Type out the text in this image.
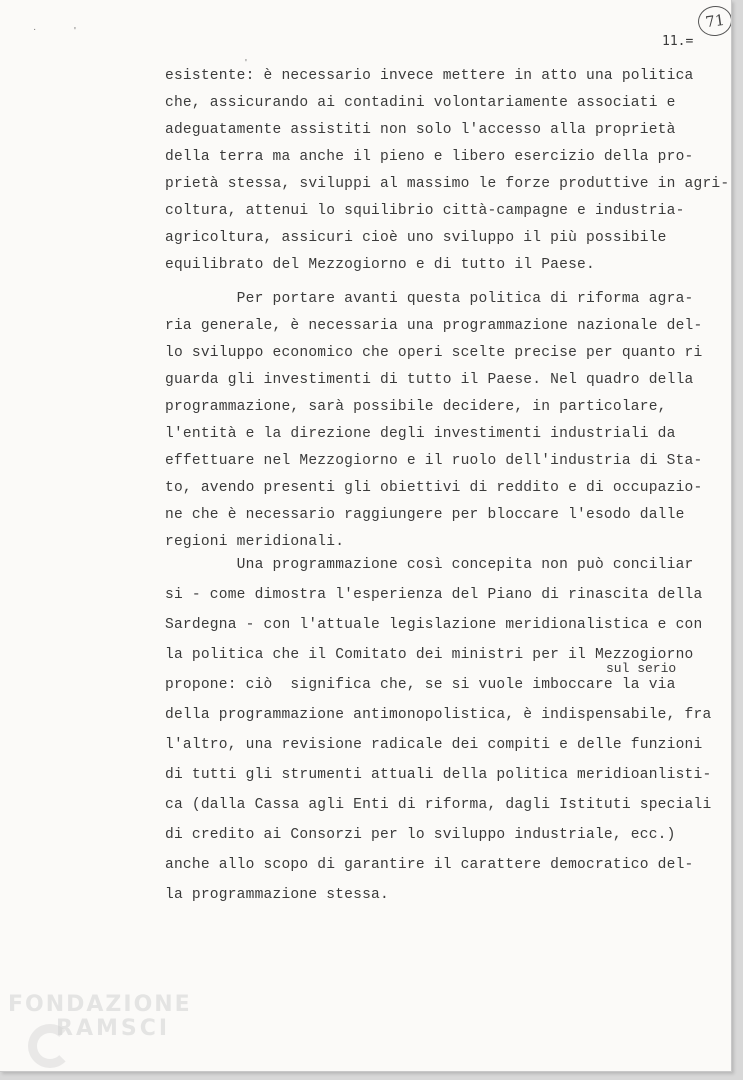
11.=
71
·	'
'
esistente: è necessario invece mettere in atto una politica
che, assicurando ai contadini volontariamente associati e
adeguatamente assistiti non solo l'accesso alla proprietà
della terra ma anche il pieno e libero esercizio della pro-
prietà stessa, sviluppi al massimo le forze produttive in agri-
coltura, attenui lo squilibrio città-campagne e industria-
agricoltura, assicuri cioè uno sviluppo il più possibile
equilibrato del Mezzogiorno e di tutto il Paese.
Per portare avanti questa politica di riforma agra-
ria generale, è necessaria una programmazione nazionale del-
lo sviluppo economico che operi scelte precise per quanto ri
guarda gli investimenti di tutto il Paese. Nel quadro della
programmazione, sarà possibile decidere, in particolare,
l'entità e la direzione degli investimenti industriali da
effettuare nel Mezzogiorno e il ruolo dell'industria di Sta-
to, avendo presenti gli obiettivi di reddito e di occupazio-
ne che è necessario raggiungere per bloccare l'esodo dalle
regioni meridionali.
Una programmazione così concepita non può conciliar
si - come dimostra l'esperienza del Piano di rinascita della
Sardegna - con l'attuale legislazione meridionalistica e con
la politica che il Comitato dei ministri per il Mezzogiorno
propone: ciò  significa che, se si vuole imboccare la via
della programmazione antimonopolistica, è indispensabile, fra
l'altro, una revisione radicale dei compiti e delle funzioni
di tutti gli strumenti attuali della politica meridioanlisti-
ca (dalla Cassa agli Enti di riforma, dagli Istituti speciali
di credito ai Consorzi per lo sviluppo industriale, ecc.)
anche allo scopo di garantire il carattere democratico del-
la programmazione stessa.
sul serio
FONDAZIONE
RAMSCI
